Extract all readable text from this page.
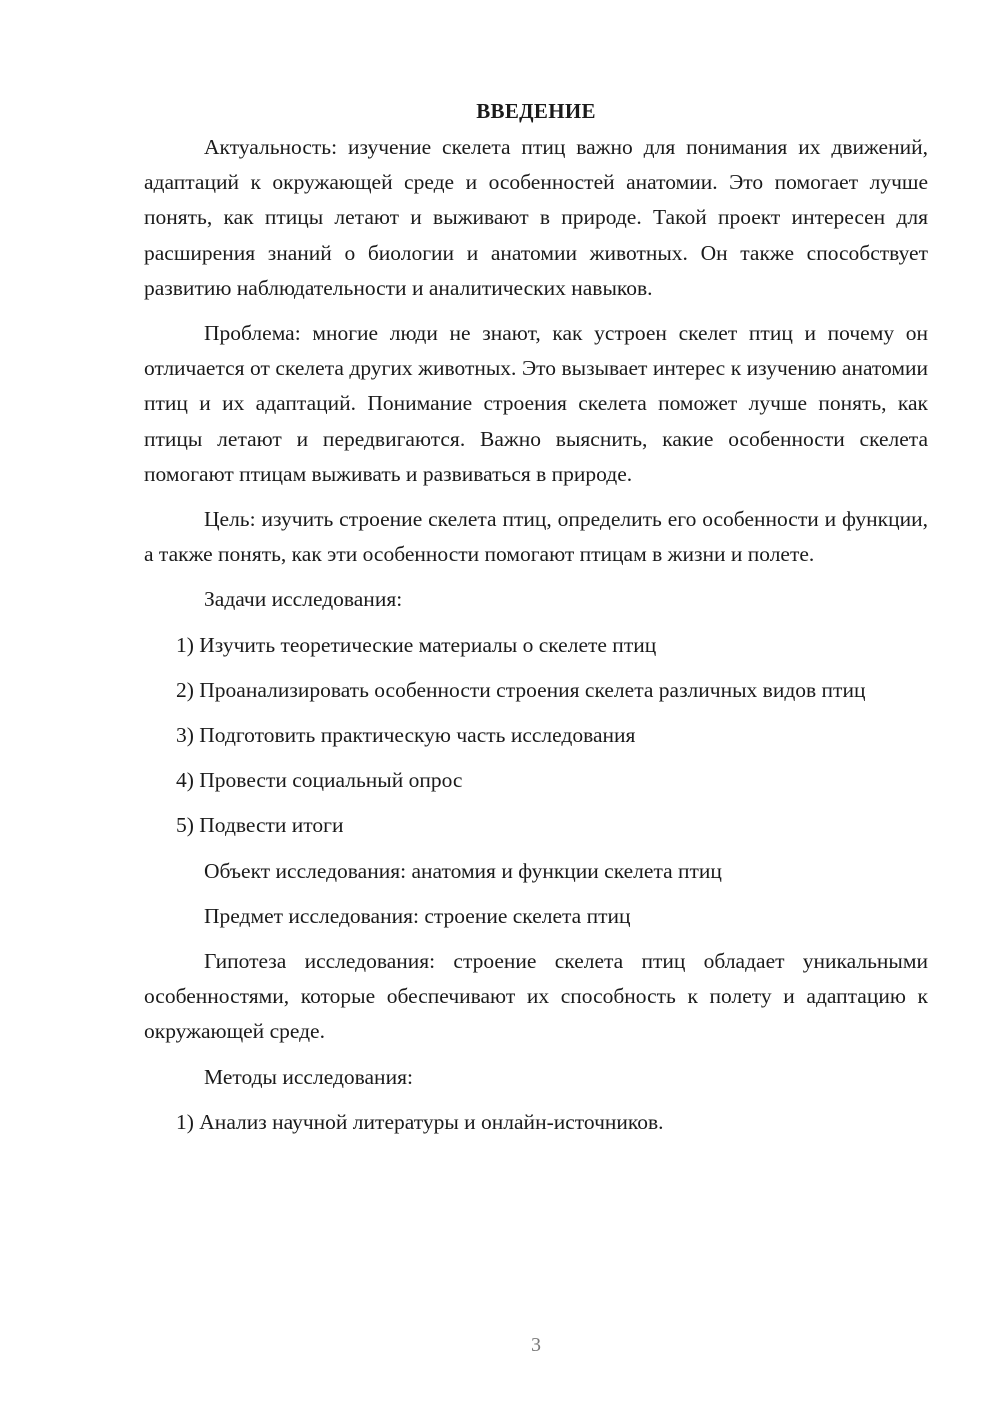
ВВЕДЕНИЕ

Актуальность: изучение скелета птиц важно для понимания их движений, адаптаций к окружающей среде и особенностей анатомии. Это помогает лучше понять, как птицы летают и выживают в природе. Такой проект интересен для расширения знаний о биологии и анатомии животных. Он также способствует развитию наблюдательности и аналитических навыков.

Проблема: многие люди не знают, как устроен скелет птиц и почему он отличается от скелета других животных. Это вызывает интерес к изучению анатомии птиц и их адаптаций. Понимание строения скелета поможет лучше понять, как птицы летают и передвигаются. Важно выяснить, какие особенности скелета помогают птицам выживать и развиваться в природе.

Цель: изучить строение скелета птиц, определить его особенности и функции, а также понять, как эти особенности помогают птицам в жизни и полете.

Задачи исследования:

1) Изучить теоретические материалы о скелете птиц

2) Проанализировать особенности строения скелета различных видов птиц

3) Подготовить практическую часть исследования

4) Провести социальный опрос

5) Подвести итоги

Объект исследования: анатомия и функции скелета птиц

Предмет исследования: строение скелета птиц

Гипотеза исследования: строение скелета птиц обладает уникальными особенностями, которые обеспечивают их способность к полету и адаптацию к окружающей среде.

Методы исследования:

1) Анализ научной литературы и онлайн-источников.

3
